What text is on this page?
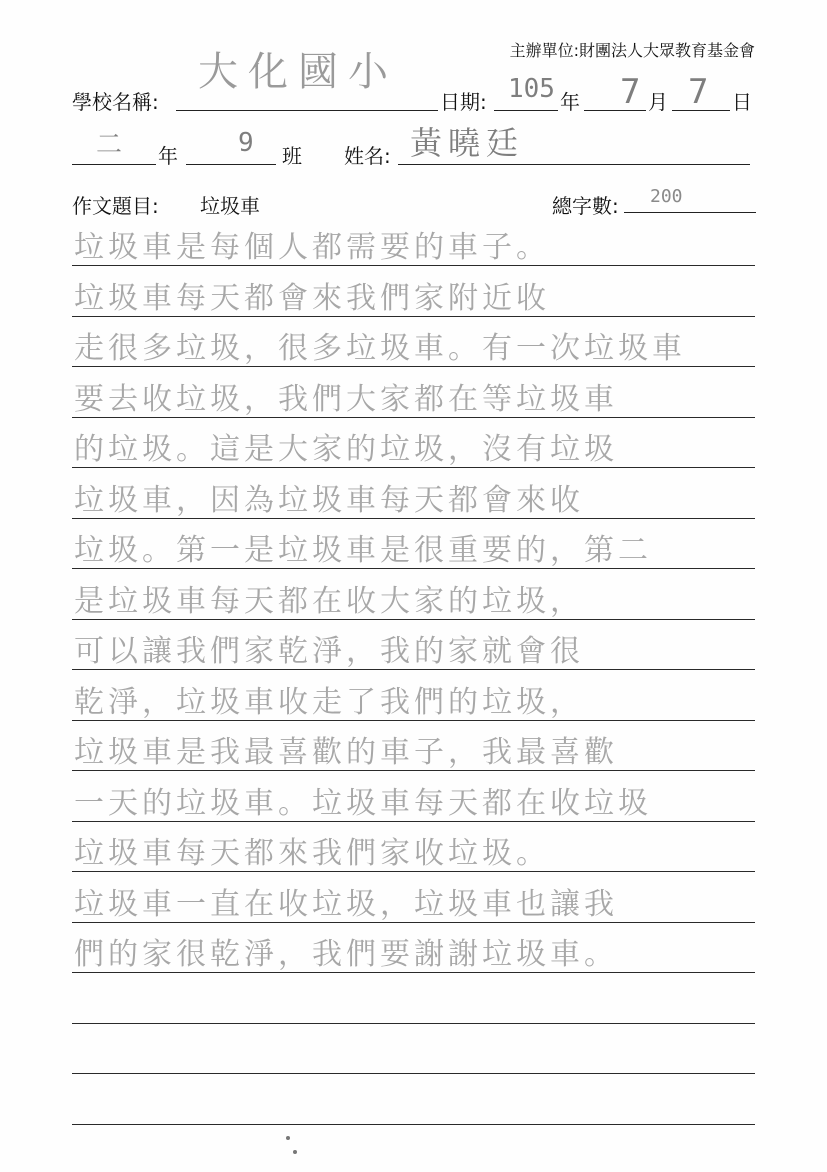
主辦單位:財團法人大眾教育基金會
學校名稱:
大化國小
日期: 105 年 7 月 7 日
二 年 9 班 姓名: 黃曉廷
作文題目: 垃圾車	總字數: 200
垃圾車是每個人都需要的車子。
垃圾車每天都會來我們家附近收
走很多垃圾，很多垃圾車。有一次垃圾車
要去收垃圾，我們大家都在等垃圾車
的垃圾。這是大家的垃圾，沒有垃圾
垃圾車，因為垃圾車每天都會來收
垃圾。第一是垃圾車是很重要的，第二
是垃圾車每天都在收大家的垃圾，
可以讓我們家乾淨，我的家就會很
乾淨，垃圾車收走了我們的垃圾，
垃圾車是我最喜歡的車子，我最喜歡
一天的垃圾車。垃圾車每天都在收垃圾
垃圾車每天都來我們家收垃圾。
垃圾車一直在收垃圾，垃圾車也讓我
們的家很乾淨，我們要謝謝垃圾車。
